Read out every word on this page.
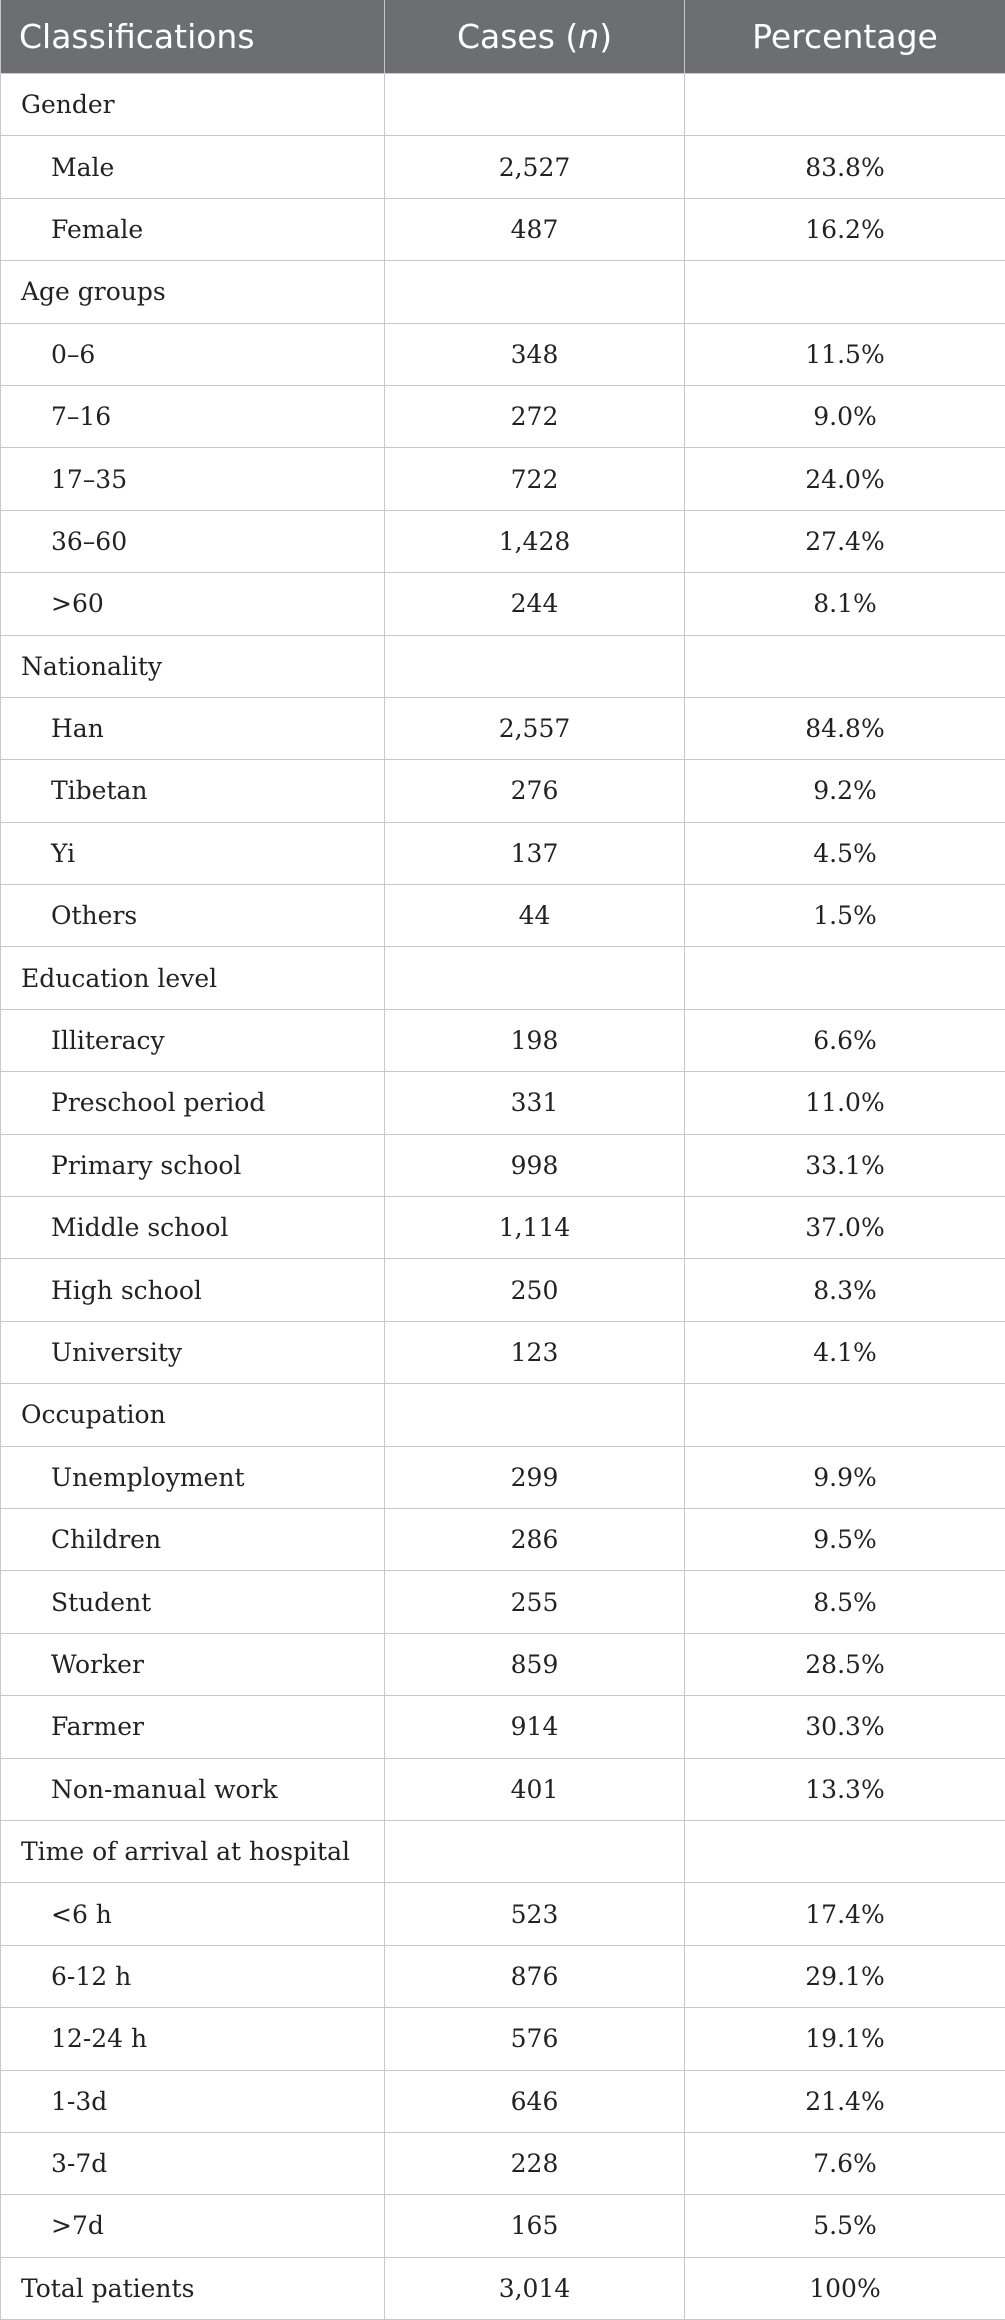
Classifications	Cases (n)	Percentage
Gender		
Male	2,527	83.8%
Female	487	16.2%
Age groups		
0–6	348	11.5%
7–16	272	9.0%
17–35	722	24.0%
36–60	1,428	27.4%
>60	244	8.1%
Nationality		
Han	2,557	84.8%
Tibetan	276	9.2%
Yi	137	4.5%
Others	44	1.5%
Education level		
Illiteracy	198	6.6%
Preschool period	331	11.0%
Primary school	998	33.1%
Middle school	1,114	37.0%
High school	250	8.3%
University	123	4.1%
Occupation		
Unemployment	299	9.9%
Children	286	9.5%
Student	255	8.5%
Worker	859	28.5%
Farmer	914	30.3%
Non-manual work	401	13.3%
Time of arrival at hospital		
<6 h	523	17.4%
6-12 h	876	29.1%
12-24 h	576	19.1%
1-3d	646	21.4%
3-7d	228	7.6%
>7d	165	5.5%
Total patients	3,014	100%
